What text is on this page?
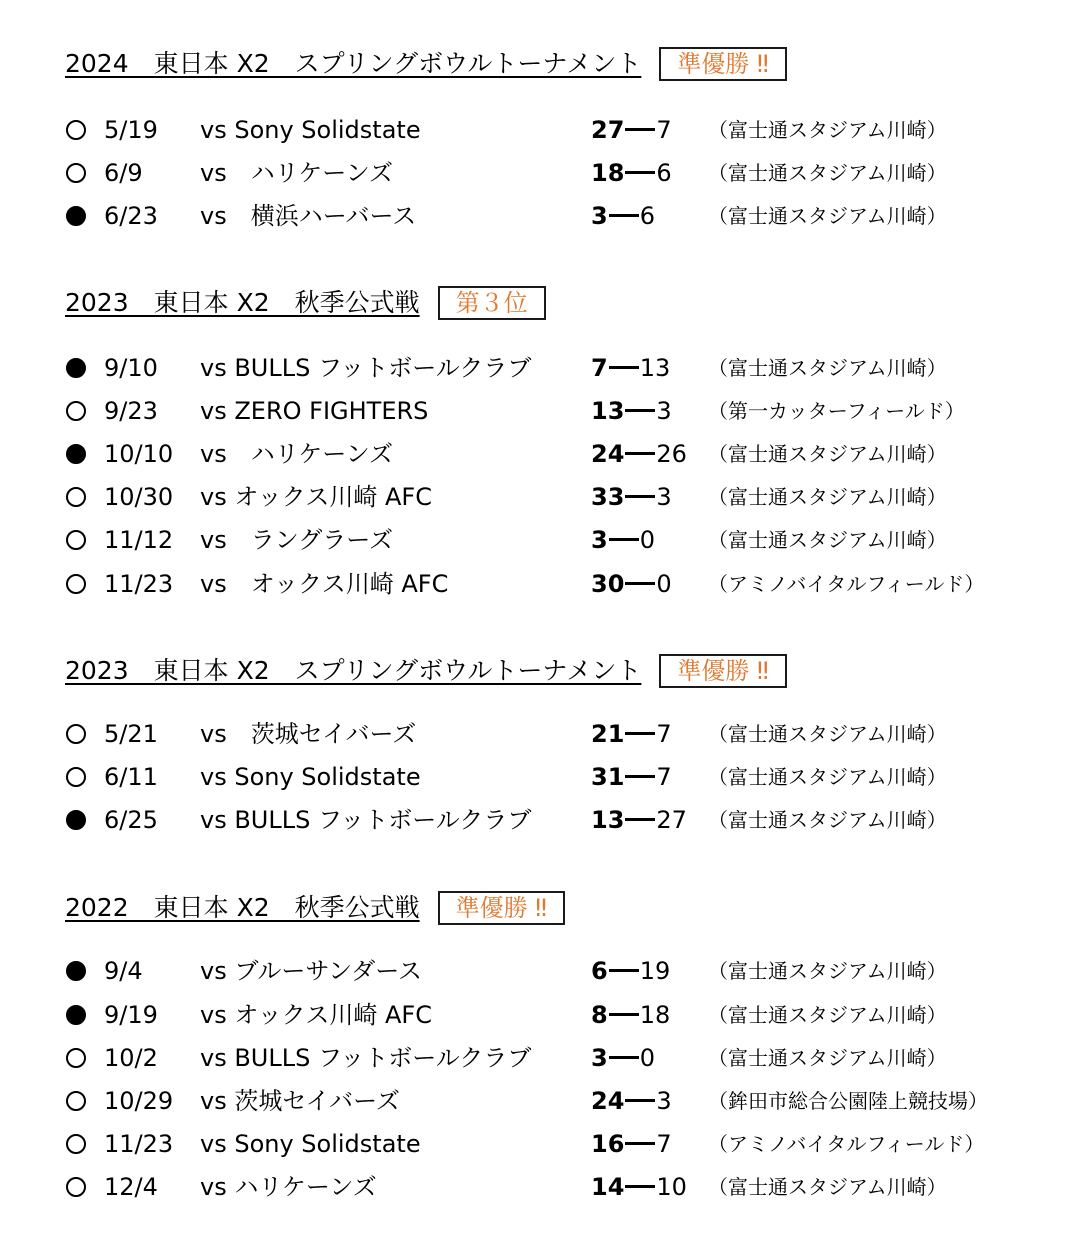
2024　東日本 X2　スプリングボウルトーナメント	準優勝 ‼
5/19 vs Sony Solidstate	27 7 （富士通スタジアム川崎）
6/9 vs　ハリケーンズ	18 6 （富士通スタジアム川崎）
6/23 vs　横浜ハーバース	3 6	（富士通スタジアム川崎）
2023　東日本 X2　秋季公式戦	第３位
9/10 vs BULLS フットボールクラブ 7 13 （富士通スタジアム川崎）
9/23 vs ZERO FIGHTERS	13 3 （第一カッターフィールド）
10/10 vs　ハリケーンズ	24 26 （富士通スタジアム川崎）
10/30 vs オックス川崎 AFC	33 3 （富士通スタジアム川崎）
11/12 vs　ラングラーズ	3 0	（富士通スタジアム川崎）
11/23 vs　オックス川崎 AFC	30 0 （アミノバイタルフィールド）
2023　東日本 X2　スプリングボウルトーナメント	準優勝 ‼
5/21 vs　茨城セイバーズ	21 7 （富士通スタジアム川崎）
6/11 vs Sony Solidstate	31 7 （富士通スタジアム川崎）
6/25 vs BULLS フットボールクラブ 13 27 （富士通スタジアム川崎）
2022　東日本 X2　秋季公式戦	準優勝 ‼
9/4 vs ブルーサンダース	6 19 （富士通スタジアム川崎）
9/19 vs オックス川崎 AFC	8 18 （富士通スタジアム川崎）
10/2 vs BULLS フットボールクラブ 3 0	（富士通スタジアム川崎）
10/29 vs 茨城セイバーズ	24 3 （鉾田市総合公園陸上競技場）
11/23 vs Sony Solidstate	16 7 （アミノバイタルフィールド）
12/4 vs ハリケーンズ	14 10 （富士通スタジアム川崎）
